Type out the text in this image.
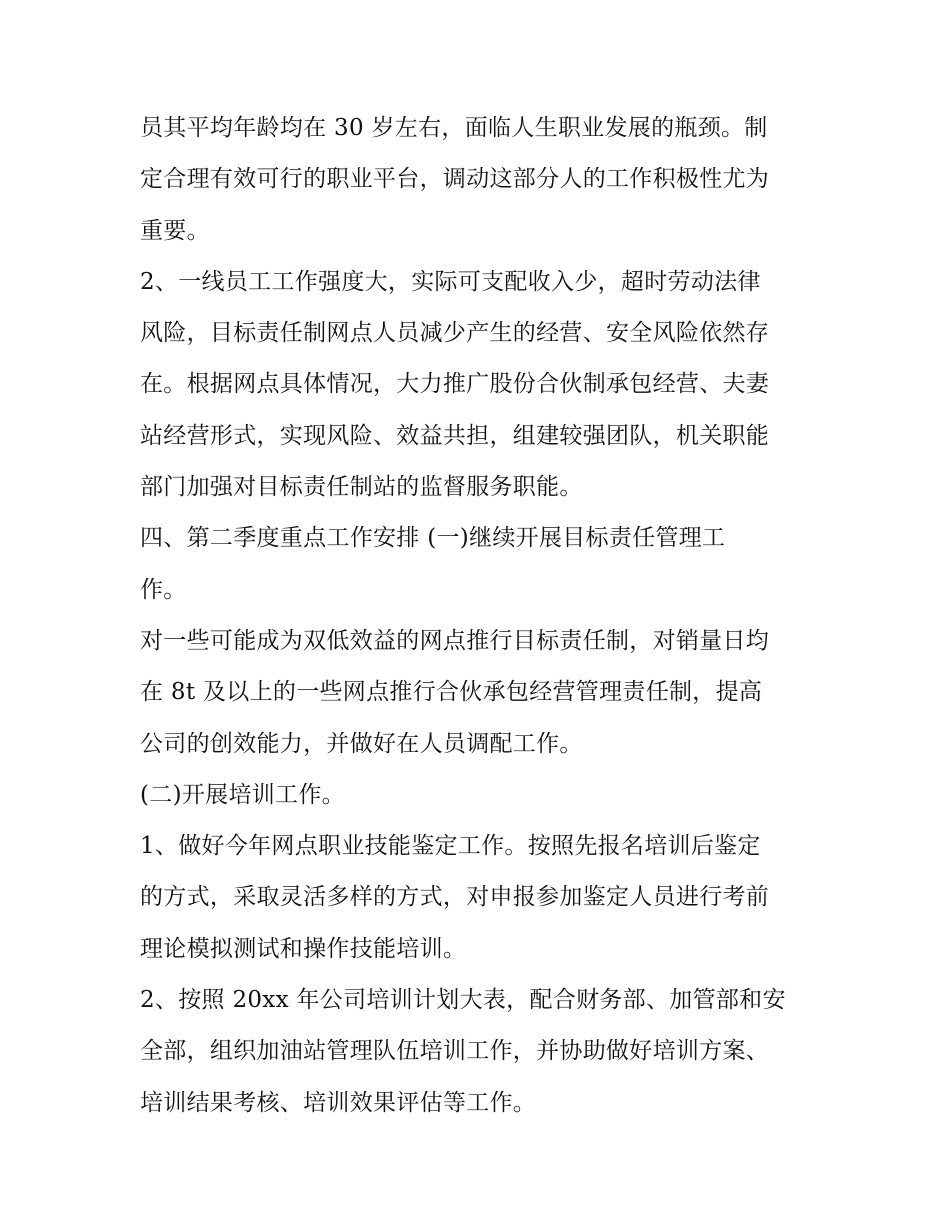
员其平均年龄均在 30 岁左右，面临人生职业发展的瓶颈。制
定合理有效可行的职业平台，调动这部分人的工作积极性尤为
重要。
2、一线员工工作强度大，实际可支配收入少，超时劳动法律
风险，目标责任制网点人员减少产生的经营、安全风险依然存
在。根据网点具体情况，大力推广股份合伙制承包经营、夫妻
站经营形式，实现风险、效益共担，组建较强团队，机关职能
部门加强对目标责任制站的监督服务职能。
四、第二季度重点工作安排 (一)继续开展目标责任管理工
作。
对一些可能成为双低效益的网点推行目标责任制，对销量日均
在 8t 及以上的一些网点推行合伙承包经营管理责任制，提高
公司的创效能力，并做好在人员调配工作。
(二)开展培训工作。
1、做好今年网点职业技能鉴定工作。按照先报名培训后鉴定
的方式，采取灵活多样的方式，对申报参加鉴定人员进行考前
理论模拟测试和操作技能培训。
2、按照 20xx 年公司培训计划大表，配合财务部、加管部和安
全部，组织加油站管理队伍培训工作，并协助做好培训方案、
培训结果考核、培训效果评估等工作。
